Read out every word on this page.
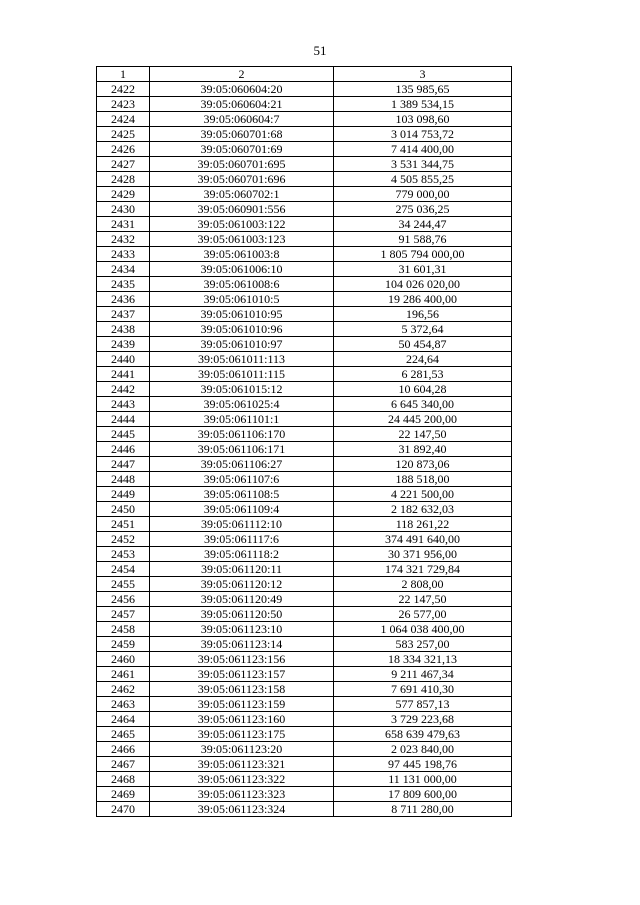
51
1	2	3
2422	39:05:060604:20	135 985,65
2423	39:05:060604:21	1 389 534,15
2424	39:05:060604:7	103 098,60
2425	39:05:060701:68	3 014 753,72
2426	39:05:060701:69	7 414 400,00
2427	39:05:060701:695	3 531 344,75
2428	39:05:060701:696	4 505 855,25
2429	39:05:060702:1	779 000,00
2430	39:05:060901:556	275 036,25
2431	39:05:061003:122	34 244,47
2432	39:05:061003:123	91 588,76
2433	39:05:061003:8	1 805 794 000,00
2434	39:05:061006:10	31 601,31
2435	39:05:061008:6	104 026 020,00
2436	39:05:061010:5	19 286 400,00
2437	39:05:061010:95	196,56
2438	39:05:061010:96	5 372,64
2439	39:05:061010:97	50 454,87
2440	39:05:061011:113	224,64
2441	39:05:061011:115	6 281,53
2442	39:05:061015:12	10 604,28
2443	39:05:061025:4	6 645 340,00
2444	39:05:061101:1	24 445 200,00
2445	39:05:061106:170	22 147,50
2446	39:05:061106:171	31 892,40
2447	39:05:061106:27	120 873,06
2448	39:05:061107:6	188 518,00
2449	39:05:061108:5	4 221 500,00
2450	39:05:061109:4	2 182 632,03
2451	39:05:061112:10	118 261,22
2452	39:05:061117:6	374 491 640,00
2453	39:05:061118:2	30 371 956,00
2454	39:05:061120:11	174 321 729,84
2455	39:05:061120:12	2 808,00
2456	39:05:061120:49	22 147,50
2457	39:05:061120:50	26 577,00
2458	39:05:061123:10	1 064 038 400,00
2459	39:05:061123:14	583 257,00
2460	39:05:061123:156	18 334 321,13
2461	39:05:061123:157	9 211 467,34
2462	39:05:061123:158	7 691 410,30
2463	39:05:061123:159	577 857,13
2464	39:05:061123:160	3 729 223,68
2465	39:05:061123:175	658 639 479,63
2466	39:05:061123:20	2 023 840,00
2467	39:05:061123:321	97 445 198,76
2468	39:05:061123:322	11 131 000,00
2469	39:05:061123:323	17 809 600,00
2470	39:05:061123:324	8 711 280,00
